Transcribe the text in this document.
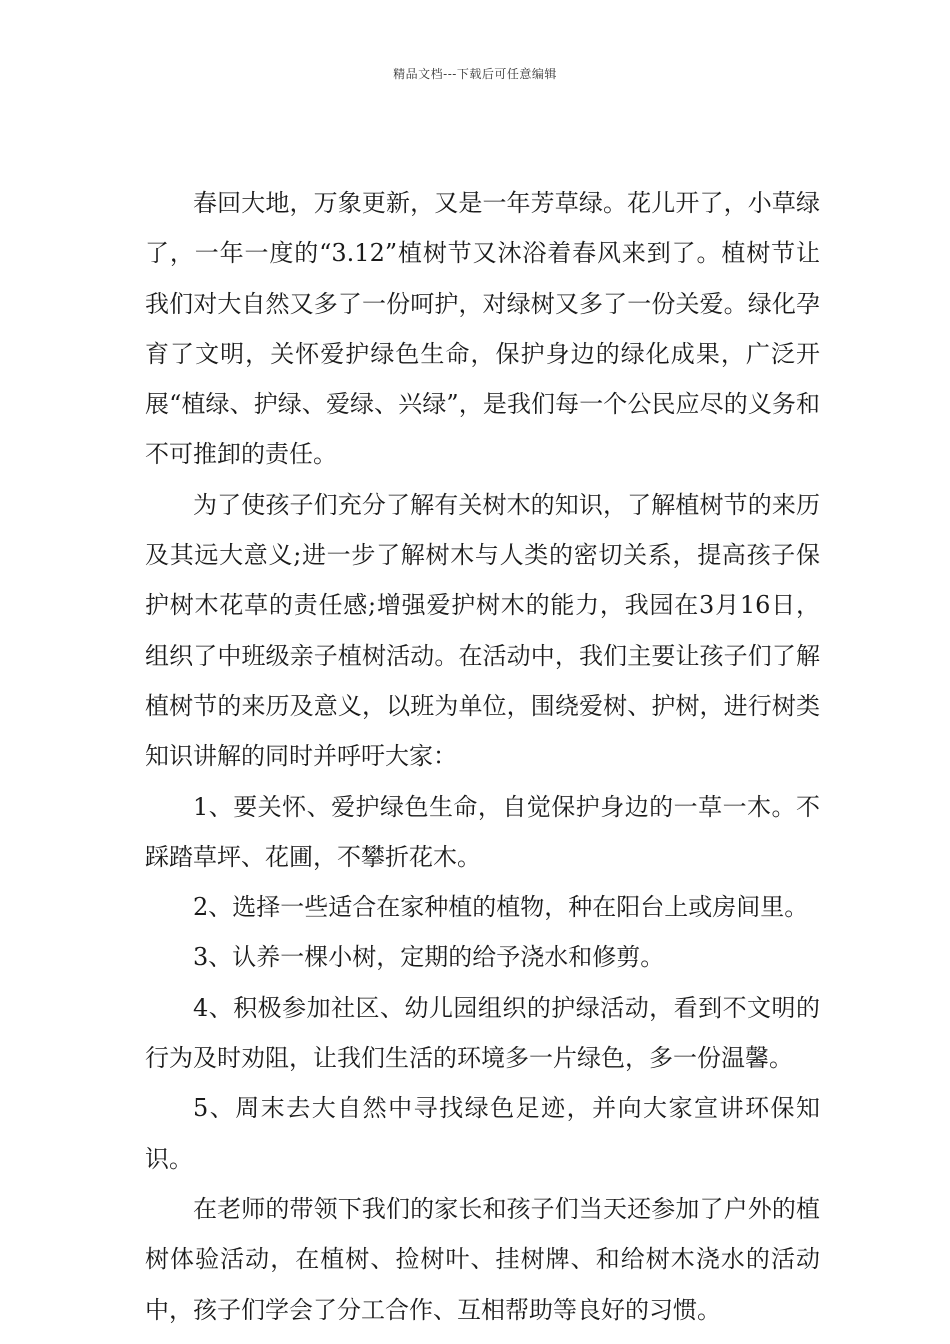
精品文档---下载后可任意编辑

春回大地，万象更新，又是一年芳草绿。花儿开了，小草绿了，一年一度的“3.12”植树节又沐浴着春风来到了。植树节让我们对大自然又多了一份呵护，对绿树又多了一份关爱。绿化孕育了文明，关怀爱护绿色生命，保护身边的绿化成果，广泛开展“植绿、护绿、爱绿、兴绿”，是我们每一个公民应尽的义务和不可推卸的责任。

为了使孩子们充分了解有关树木的知识，了解植树节的来历及其远大意义;进一步了解树木与人类的密切关系，提高孩子保护树木花草的责任感;增强爱护树木的能力，我园在3月16日，组织了中班级亲子植树活动。在活动中，我们主要让孩子们了解植树节的来历及意义，以班为单位，围绕爱树、护树，进行树类知识讲解的同时并呼吁大家：

1、要关怀、爱护绿色生命，自觉保护身边的一草一木。不踩踏草坪、花圃，不攀折花木。

2、选择一些适合在家种植的植物，种在阳台上或房间里。

3、认养一棵小树，定期的给予浇水和修剪。

4、积极参加社区、幼儿园组织的护绿活动，看到不文明的行为及时劝阻，让我们生活的环境多一片绿色，多一份温馨。

5、周末去大自然中寻找绿色足迹，并向大家宣讲环保知识。

在老师的带领下我们的家长和孩子们当天还参加了户外的植树体验活动，在植树、捡树叶、挂树牌、和给树木浇水的活动中，孩子们学会了分工合作、互相帮助等良好的习惯。
